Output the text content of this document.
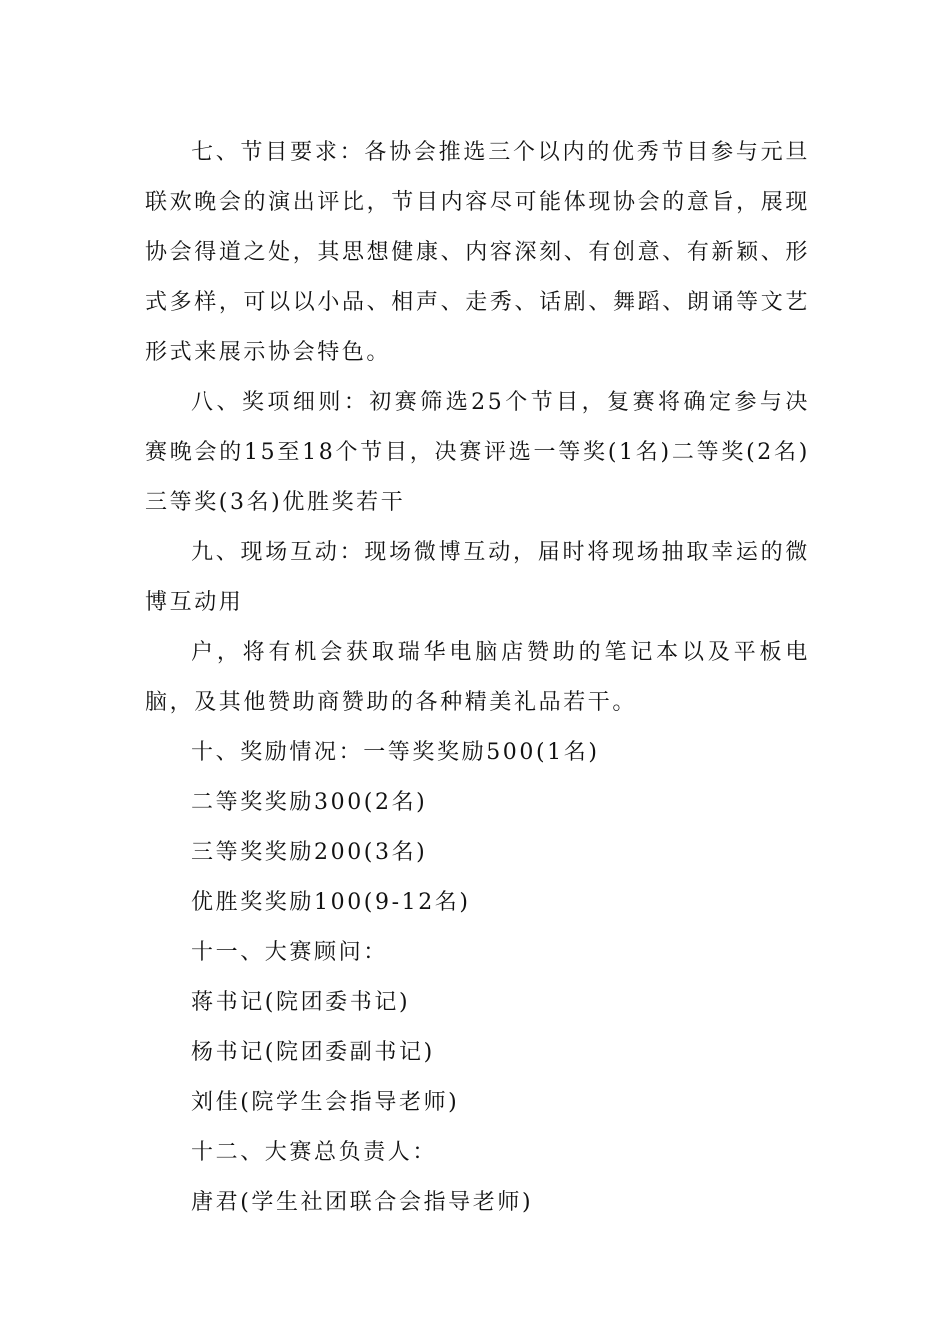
七、节目要求：各协会推选三个以内的优秀节目参与元旦联欢晚会的演出评比，节目内容尽可能体现协会的意旨，展现协会得道之处，其思想健康、内容深刻、有创意、有新颖、形式多样，可以以小品、相声、走秀、话剧、舞蹈、朗诵等文艺形式来展示协会特色。
八、奖项细则：初赛筛选25个节目，复赛将确定参与决赛晚会的15至18个节目，决赛评选一等奖(1名)二等奖(2名)三等奖(3名)优胜奖若干
九、现场互动：现场微博互动，届时将现场抽取幸运的微博互动用
户，将有机会获取瑞华电脑店赞助的笔记本以及平板电脑，及其他赞助商赞助的各种精美礼品若干。
十、奖励情况：一等奖奖励500(1名)
二等奖奖励300(2名)
三等奖奖励200(3名)
优胜奖奖励100(9-12名)
十一、大赛顾问：
蒋书记(院团委书记)
杨书记(院团委副书记)
刘佳(院学生会指导老师)
十二、大赛总负责人：
唐君(学生社团联合会指导老师)
